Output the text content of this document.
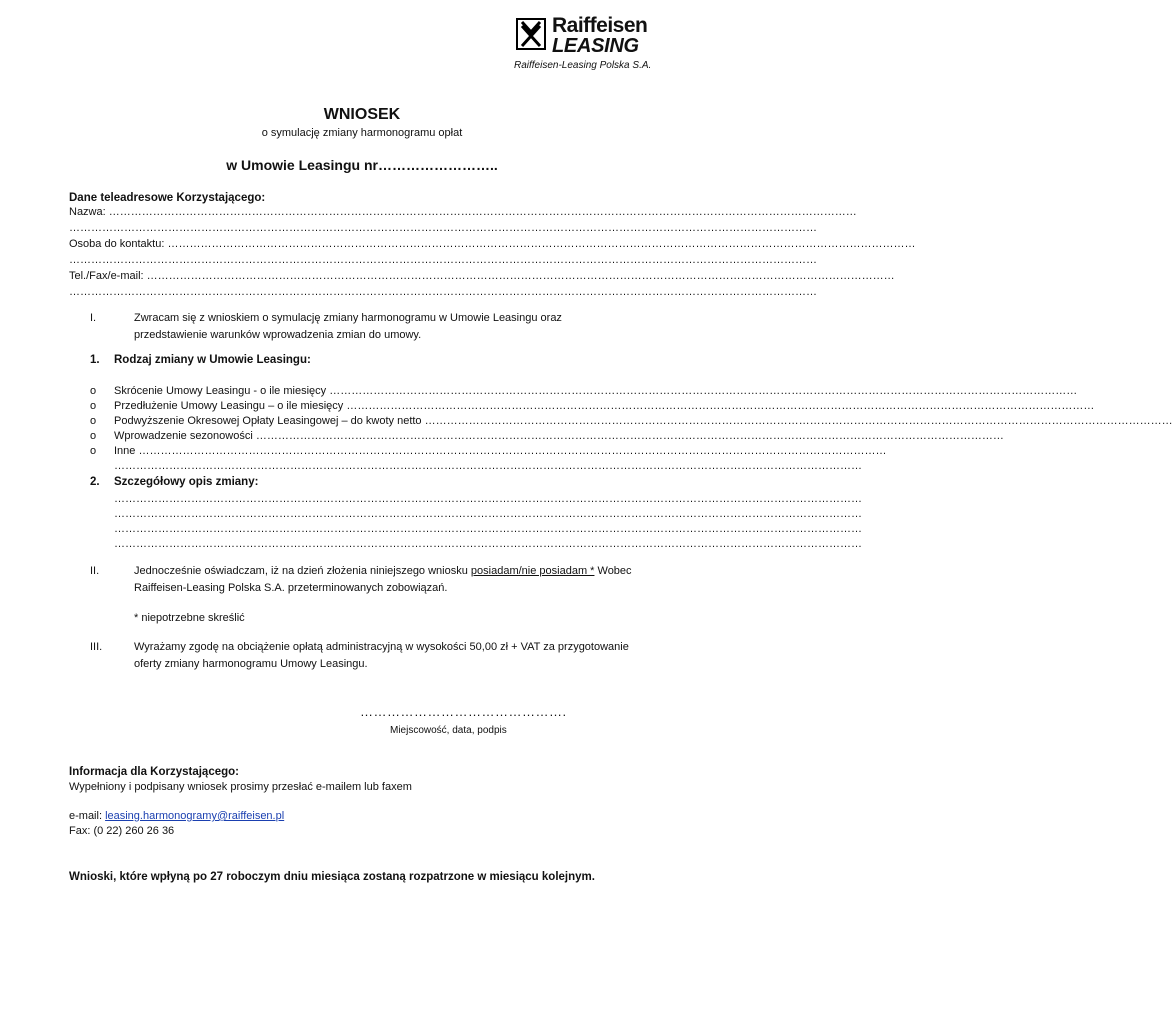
Raiffeisen
LEASING
Raiffeisen-Leasing Polska S.A.
WNIOSEK
o symulację zmiany harmonogramu opłat
w Umowie Leasingu nr……………………..
Dane teleadresowe Korzystającego:
Nazwa: ……………………………………………………………………………………………………………………………………………………………………………………
……………………………………………………………………………………………………………………………………………………………………………………
Osoba do kontaktu: ……………………………………………………………………………………………………………………………………………………………………………………
……………………………………………………………………………………………………………………………………………………………………………………
Tel./Fax/e-mail: ……………………………………………………………………………………………………………………………………………………………………………………
……………………………………………………………………………………………………………………………………………………………………………………
I.	Zwracam się z wnioskiem o symulację zmiany harmonogramu w Umowie Leasingu oraz przedstawienie warunków wprowadzenia zmian do umowy.
1. Rodzaj zmiany w Umowie Leasingu:
o Skrócenie Umowy Leasingu - o ile miesięcy ……………………………………………………………………………………………………………………………………………………………………………………
o Przedłużenie Umowy Leasingu – o ile miesięcy ……………………………………………………………………………………………………………………………………………………………………………………
o Podwyższenie Okresowej Opłaty Leasingowej – do kwoty netto ……………………………………………………………………………………………………………………………………………………………………………………
o Wprowadzenie sezonowości ……………………………………………………………………………………………………………………………………………………………………………………
o Inne ……………………………………………………………………………………………………………………………………………………………………………………
……………………………………………………………………………………………………………………………………………………………………………………
2. Szczegółowy opis zmiany:
……………………………………………………………………………………………………………………………………………………………………………………
……………………………………………………………………………………………………………………………………………………………………………………
……………………………………………………………………………………………………………………………………………………………………………………
……………………………………………………………………………………………………………………………………………………………………………………
II.	Jednocześnie oświadczam, iż na dzień złożenia niniejszego wniosku posiadam/nie posiadam * Wobec Raiffeisen-Leasing Polska S.A. przeterminowanych zobowiązań.
* niepotrzebne skreślić
III.	Wyrażamy zgodę na obciążenie opłatą administracyjną w wysokości 50,00 zł + VAT za przygotowanie oferty zmiany harmonogramu Umowy Leasingu.
……………………………………….
Miejscowość, data, podpis
Informacja dla Korzystającego:
Wypełniony i podpisany wniosek prosimy przesłać e-mailem lub faxem
e-mail: leasing.harmonogramy@raiffeisen.pl
Fax: (0 22) 260 26 36
Wnioski, które wpłyną po 27 roboczym dniu miesiąca zostaną rozpatrzone w miesiącu kolejnym.
